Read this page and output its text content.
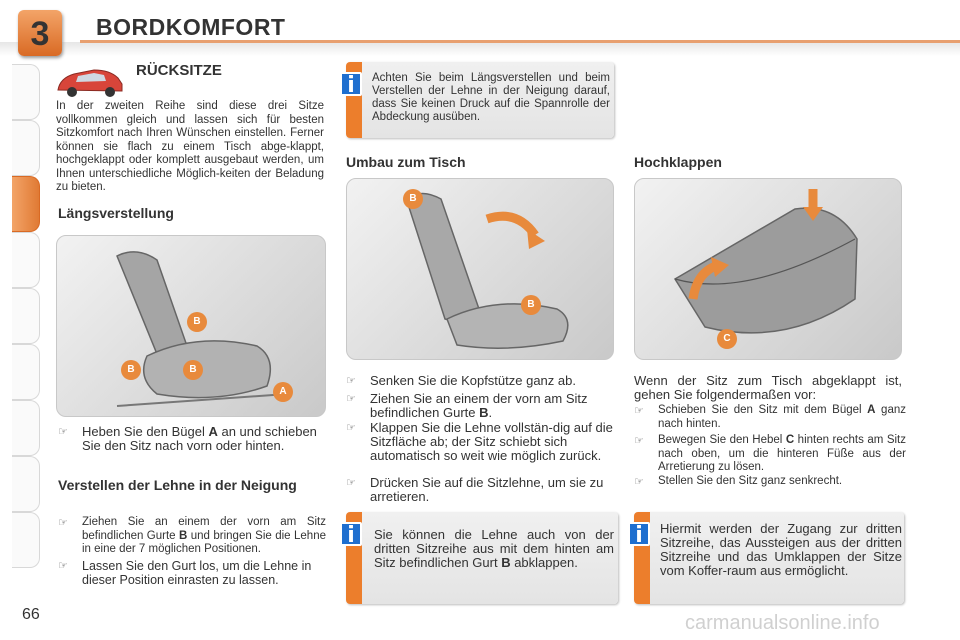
3	BORDKOMFORT
RÜCKSITZE
In der zweiten Reihe sind diese drei Sitze vollkommen gleich und lassen sich für besten Sitzkomfort nach Ihren Wünschen einstellen. Ferner können sie flach zu einem Tisch abge-klappt, hochgeklappt oder komplett ausgebaut werden, um Ihnen unterschiedliche Möglich-keiten der Beladung zu bieten.
Längsverstellung
B
B
B
A
☞	Heben Sie den Bügel A an und schieben Sie den Sitz nach vorn oder hinten.
Verstellen der Lehne in der Neigung
☞	Ziehen Sie an einem der vorn am Sitz befindlichen Gurte B und bringen Sie die Lehne in eine der 7 möglichen Positionen.
☞	Lassen Sie den Gurt los, um die Lehne in dieser Position einrasten zu lassen.
Achten Sie beim Längsverstellen und beim Verstellen der Lehne in der Neigung darauf, dass Sie keinen Druck auf die Spannrolle der Abdeckung ausüben.
i
Umbau zum Tisch
B
B
☞	Senken Sie die Kopfstütze ganz ab.
☞	Ziehen Sie an einem der vorn am Sitz befindlichen Gurte B.
☞	Klappen Sie die Lehne vollstän-dig auf die Sitzfläche ab; der Sitz schiebt sich automatisch so weit wie möglich zurück.
☞	Drücken Sie auf die Sitzlehne, um sie zu arretieren.
Sie können die Lehne auch von der dritten Sitzreihe aus mit dem hinten am Sitz befindlichen Gurt B abklappen.
i
Hochklappen
C
Wenn der Sitz zum Tisch abgeklappt ist, gehen Sie folgendermaßen vor:
☞	Schieben Sie den Sitz mit dem Bügel A ganz nach hinten.
☞	Bewegen Sie den Hebel C hinten rechts am Sitz nach oben, um die hinteren Füße aus der Arretierung zu lösen.
☞	Stellen Sie den Sitz ganz senkrecht.
Hiermit werden der Zugang zur dritten Sitzreihe, das Aussteigen aus der dritten Sitzreihe und das Umklappen der Sitze vom Koffer-raum aus ermöglicht.
i
66	carmanualsonline.info
